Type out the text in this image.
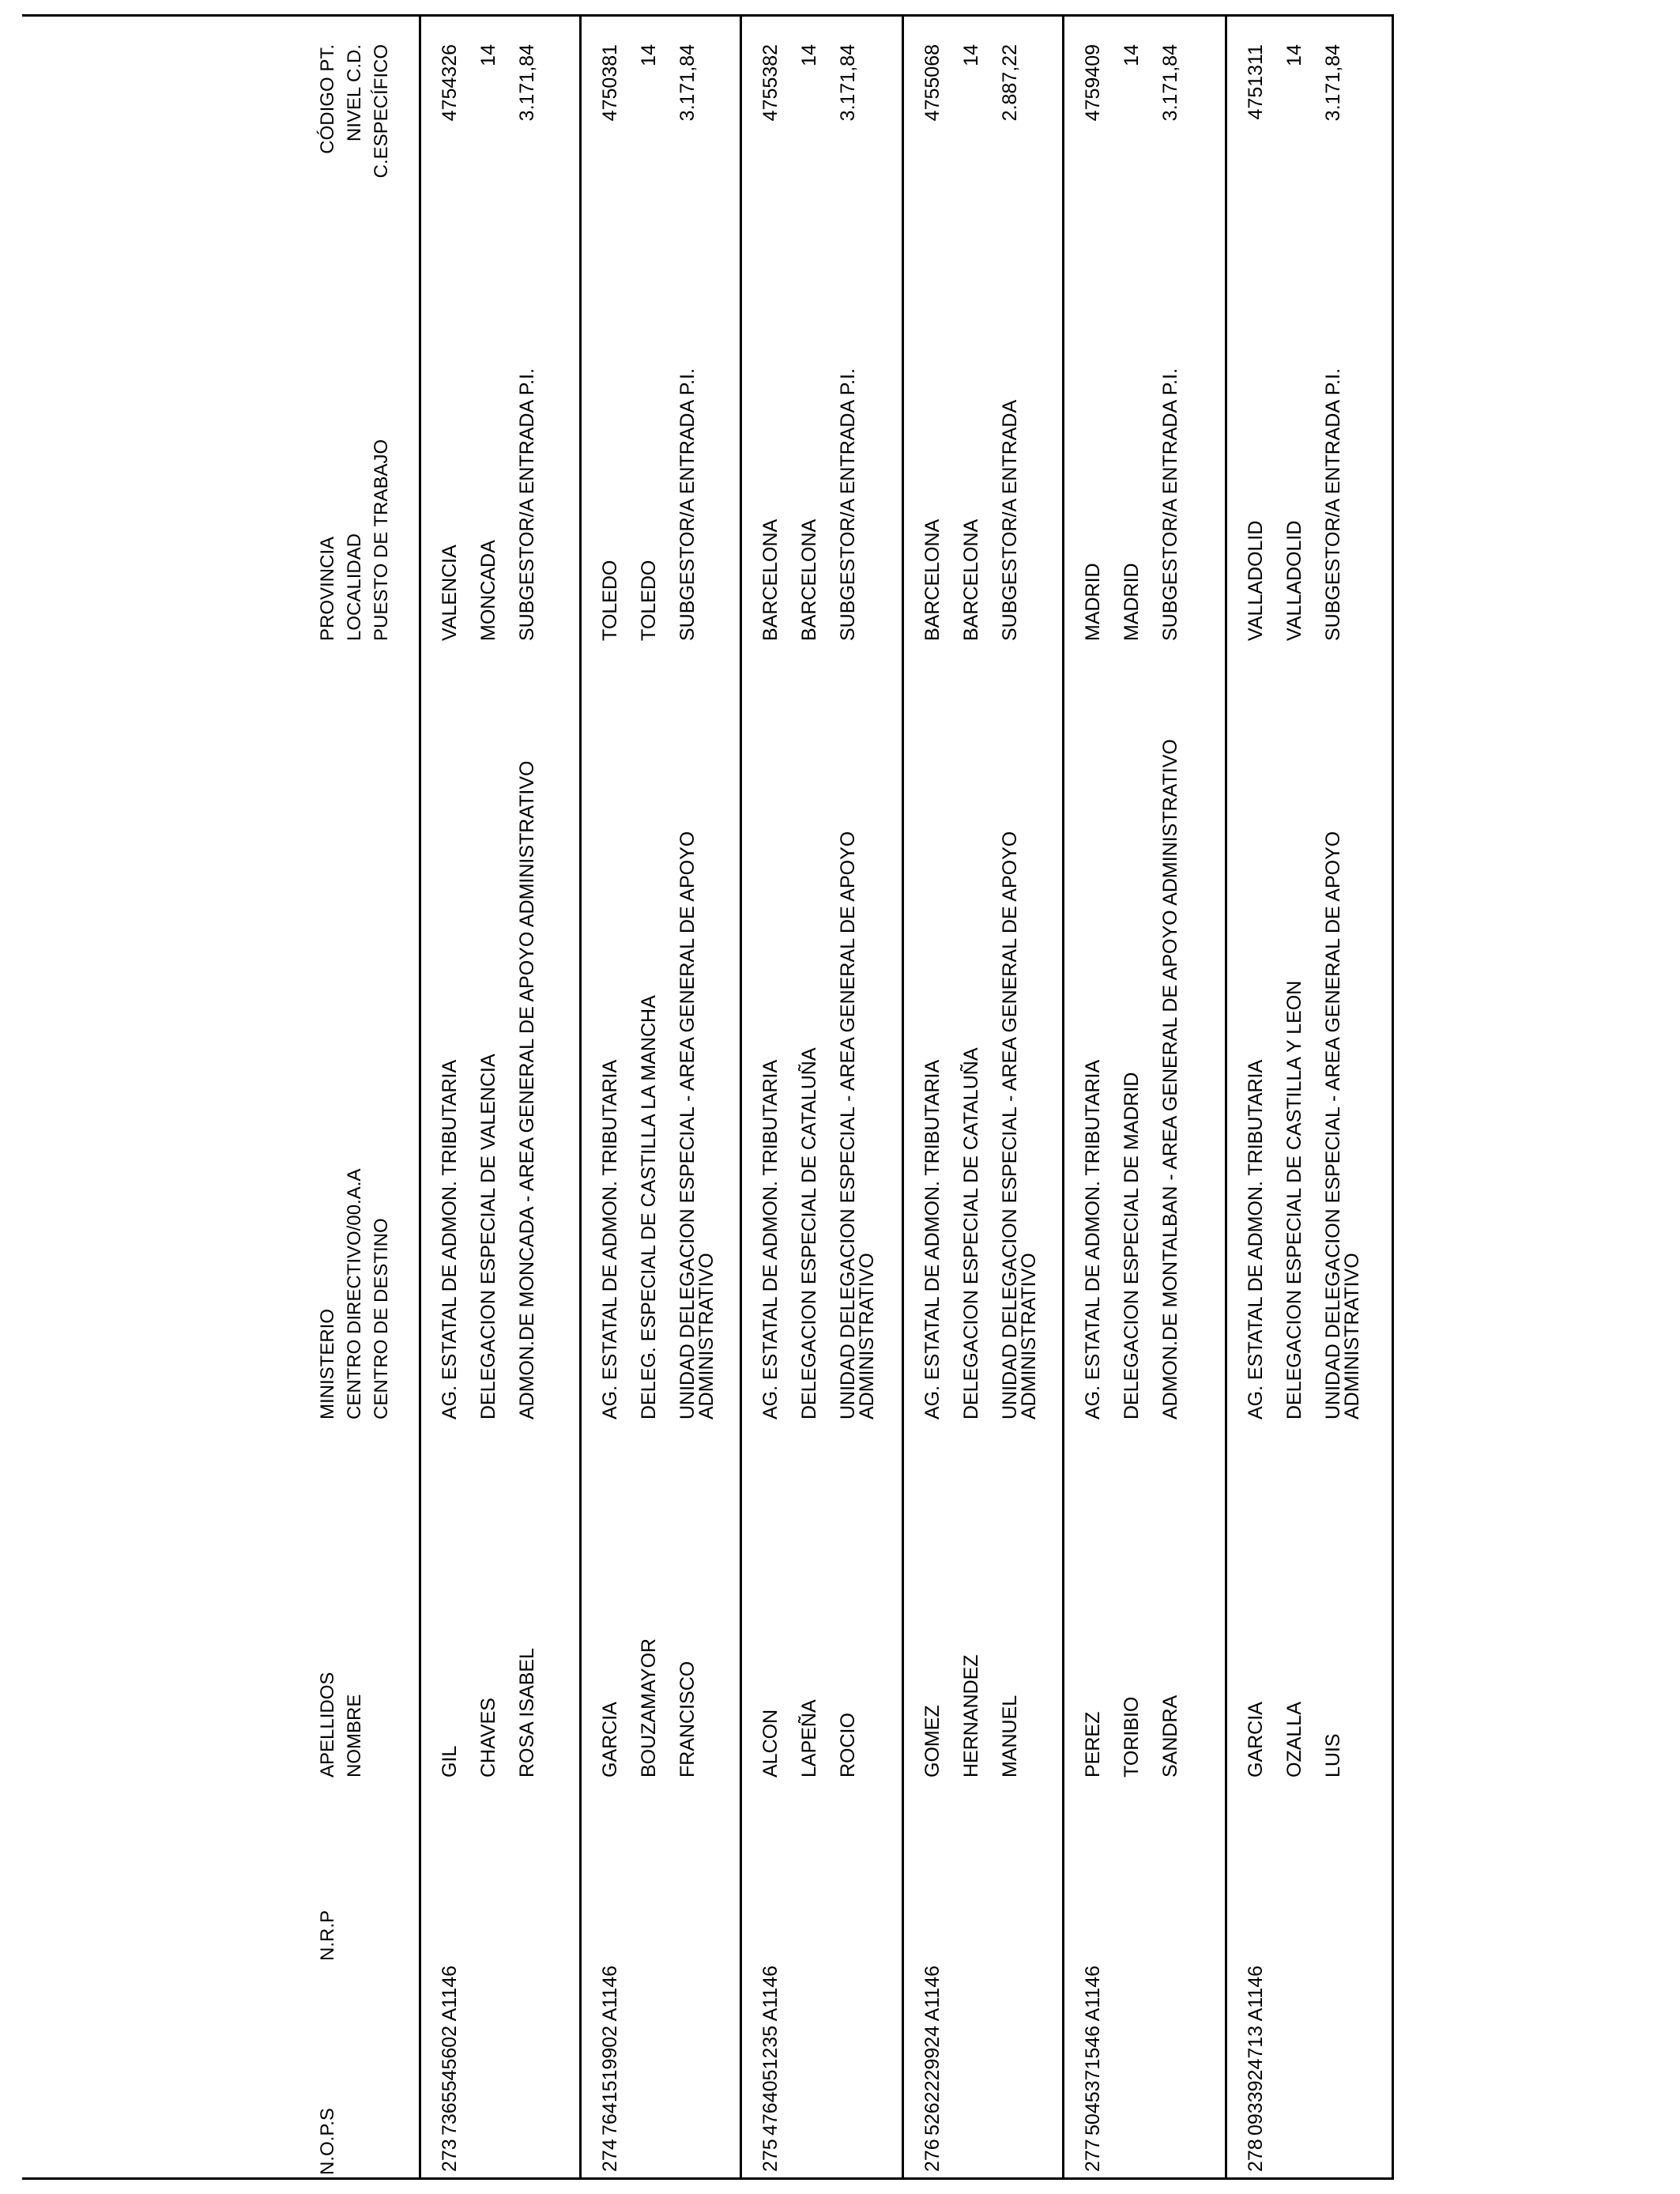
N.O.P.S
N.R.P
APELLIDOS NOMBRE
MINISTERIO CENTRO DIRECTIVO/00.A.A CENTRO DE DESTINO
PROVINCIA LOCALIDAD PUESTO DE TRABAJO
CÓDIGO PT. NIVEL C.D. C.ESPECÍFICO
273
7365545602 A1146
GIL CHAVES ROSA ISABEL
AG. ESTATAL DE ADMON. TRIBUTARIA DELEGACION ESPECIAL DE VALENCIA ADMON.DE MONCADA - AREA GENERAL DE APOYO ADMINISTRATIVO
VALENCIA MONCADA SUBGESTOR/A ENTRADA P.I.
4754326 14 3.171,84
274
7641519902 A1146
GARCIA BOUZAMAYOR FRANCISCO
AG. ESTATAL DE ADMON. TRIBUTARIA DELEG. ESPECIAL DE CASTILLA LA MANCHA UNIDAD DELEGACION ESPECIAL - AREA GENERAL DE APOYO ADMINISTRATIVO
TOLEDO TOLEDO SUBGESTOR/A ENTRADA P.I.
4750381 14 3.171,84
275
4764051235 A1146
ALCON LAPEÑA ROCIO
AG. ESTATAL DE ADMON. TRIBUTARIA DELEGACION ESPECIAL DE CATALUÑA UNIDAD DELEGACION ESPECIAL - AREA GENERAL DE APOYO ADMINISTRATIVO
BARCELONA BARCELONA SUBGESTOR/A ENTRADA P.I.
4755382 14 3.171,84
276
5262229924 A1146
GOMEZ HERNANDEZ MANUEL
AG. ESTATAL DE ADMON. TRIBUTARIA DELEGACION ESPECIAL DE CATALUÑA UNIDAD DELEGACION ESPECIAL - AREA GENERAL DE APOYO ADMINISTRATIVO
BARCELONA BARCELONA SUBGESTOR/A ENTRADA
4755068 14 2.887,22
277
5045371546 A1146
PEREZ TORIBIO SANDRA
AG. ESTATAL DE ADMON. TRIBUTARIA DELEGACION ESPECIAL DE MADRID ADMON.DE MONTALBAN - AREA GENERAL DE APOYO ADMINISTRATIVO
MADRID MADRID SUBGESTOR/A ENTRADA P.I.
4759409 14 3.171,84
278
0933924713 A1146
GARCIA OZALLA LUIS
AG. ESTATAL DE ADMON. TRIBUTARIA DELEGACION ESPECIAL DE CASTILLA Y LEON UNIDAD DELEGACION ESPECIAL - AREA GENERAL DE APOYO ADMINISTRATIVO
VALLADOLID VALLADOLID SUBGESTOR/A ENTRADA P.I.
4751311 14 3.171,84
